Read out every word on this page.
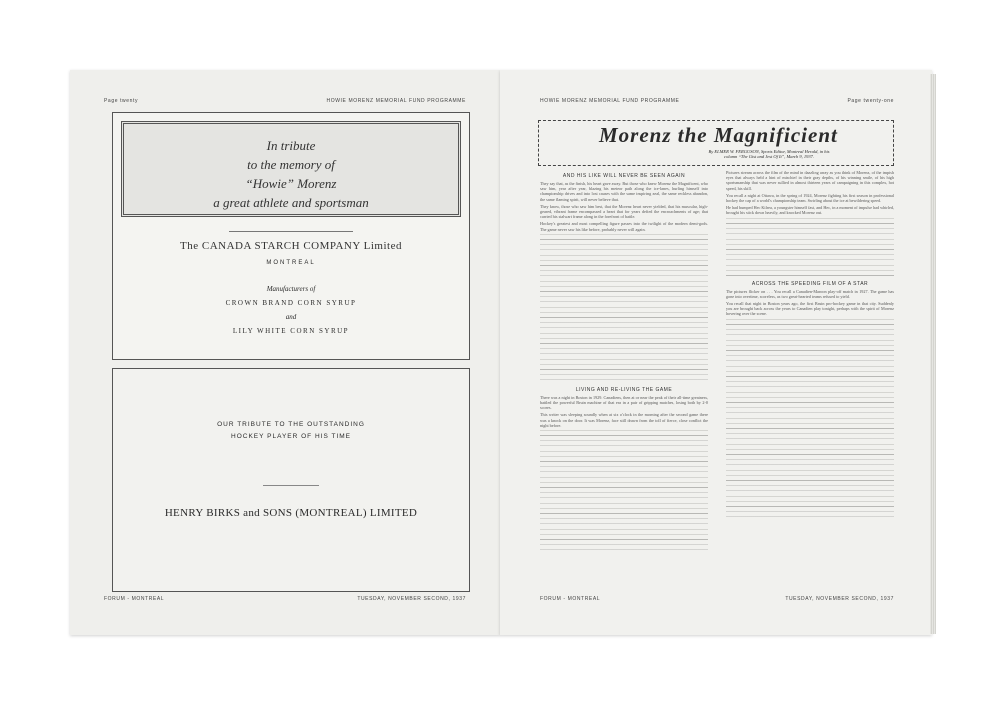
Page twenty	HOWIE MORENZ MEMORIAL FUND PROGRAMME
In tribute
to the memory of
“Howie” Morenz
a great athlete and sportsman
The CANADA STARCH COMPANY Limited
MONTREAL
Manufacturers of
CROWN BRAND CORN SYRUP
and
LILY WHITE CORN SYRUP
OUR TRIBUTE TO THE OUTSTANDING
HOCKEY PLAYER OF HIS TIME
HENRY BIRKS and SONS (MONTREAL) LIMITED
FORUM - MONTREAL	TUESDAY, NOVEMBER SECOND, 1937
HOWIE MORENZ MEMORIAL FUND PROGRAMME	Page twenty-one
Morenz the Magnificient
By ELMER W. FERGUSON, Sports Editor, Montreal Herald, in his
column “The Gist and Jest Of It”, March 9, 1937.
AND HIS LIKE WILL NEVER BE SEEN AGAIN

They say that, as the finish, his heart gave away. But those who knew Morenz the Magnificent, who saw him, year after year, blazing his meteor path along the ice-lanes, hurling himself into championship drives and into lost causes with the same inspiring zeal, the same reckless abandon, the same flaming spirit, will never believe that.

They know, those who saw him best, that the Morenz heart never yielded, that his muscular, high-geared, vibrant frame encompassed a heart that for years defied the encroachments of age; that carried his stalwart frame along in the forefront of battle.

Hockey's greatest and most compelling figure passes into the twilight of the modern demi-gods. The game never saw his like before, probably never will again.

LIVING AND RE-LIVING THE GAME

There was a night in Boston in 1929. Canadiens, then at or near the peak of their all-time greatness, battled the powerful Bruin machine of that era in a pair of gripping matches, losing both by 2-0 scores.

This writer was sleeping soundly when at six o'clock in the morning after the second game there was a knock on the door. It was Morenz, face still drawn from the toll of fierce, close conflict the night before.

Pictures stream across the film of the mind in dazzling array as you think of Morenz, of the impish eyes that always held a hint of mischief in their gray depths, of his winning smile, of his high sportsmanship that was never sullied in almost thirteen years of campaigning in this complex, hot speed, his skill.

You recall a night at Ottawa, in the spring of 1924, Morenz fighting his first season in professional hockey the cap of a world's championship team. Swirling about the ice at bewildering speed.

He had bumped Hec Kilrea, a youngster himself fast, and Hec, in a moment of impulse had whirled, brought his stick down heavily, and knocked Morenz out.

ACROSS THE SPEEDING FILM OF A STAR

The pictures flicker on . . . You recall a Canadien-Maroon play-off match in 1927. The game has gone into overtime, scoreless, as two great-hearted teams refused to yield.

You recall that night in Boston years ago, the first Bruin pro-hockey game in that city. Suddenly you are brought back across the years to Canadien play tonight, perhaps with the spirit of Morenz hovering over the scene.

FORUM - MONTREAL	TUESDAY, NOVEMBER SECOND, 1937
